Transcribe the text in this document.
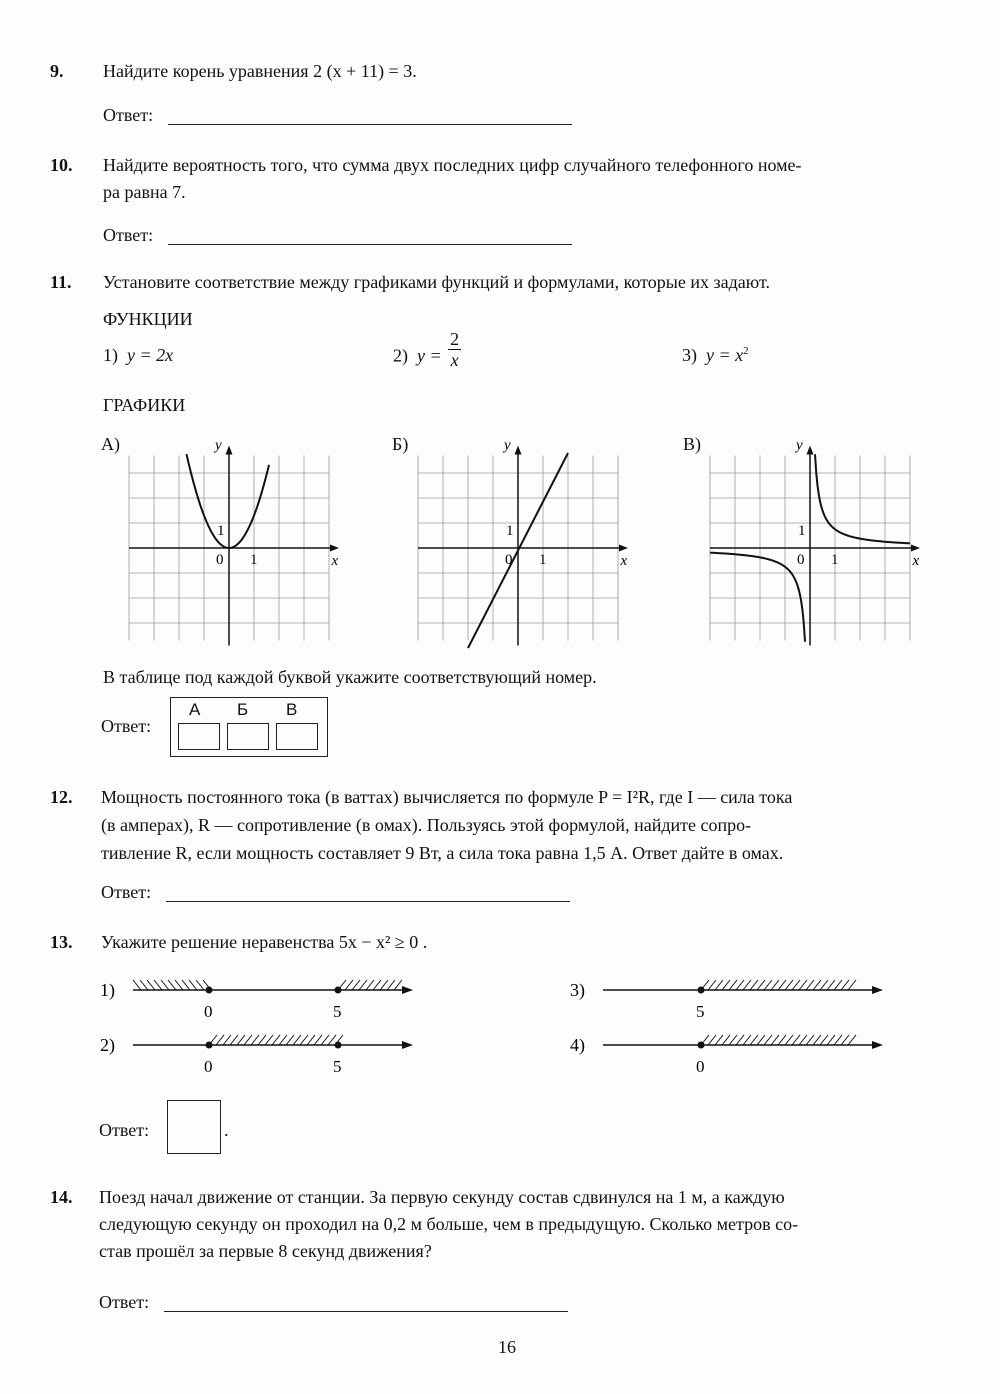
9. Найдите корень уравнения 2 (x + 11) = 3.
Ответ:
10. Найдите вероятность того, что сумма двух последних цифр случайного телефонного номе-
ра равна 7.
Ответ:
11. Установите соответствие между графиками функций и формулами, которые их задают.
ФУНКЦИИ
1) y = 2x	2) $y = \frac{2}{x}$	3) $y = x^2$
ГРАФИКИ
А)	Б)	В)
x
y
0 1
1
x
y
0 1
1
x
y
0 1
1
В таблице под каждой буквой укажите соответствующий номер.
Ответ:
А Б В
12. Мощность постоянного тока (в ваттах) вычисляется по формуле P = I²R, где I — сила тока
(в амперах), R — сопротивление (в омах). Пользуясь этой формулой, найдите сопро-
тивление R, если мощность составляет 9 Вт, а сила тока равна 1,5 А. Ответ дайте в омах.
Ответ:
13. Укажите решение неравенства 5x − x² ≥ 0 .
1)
0	5
2)
0	5
3)
5
4)
0
Ответ:	.
14. Поезд начал движение от станции. За первую секунду состав сдвинулся на 1 м, а каждую
следующую секунду он проходил на 0,2 м больше, чем в предыдущую. Сколько метров со-
став прошёл за первые 8 секунд движения?
Ответ:
16
